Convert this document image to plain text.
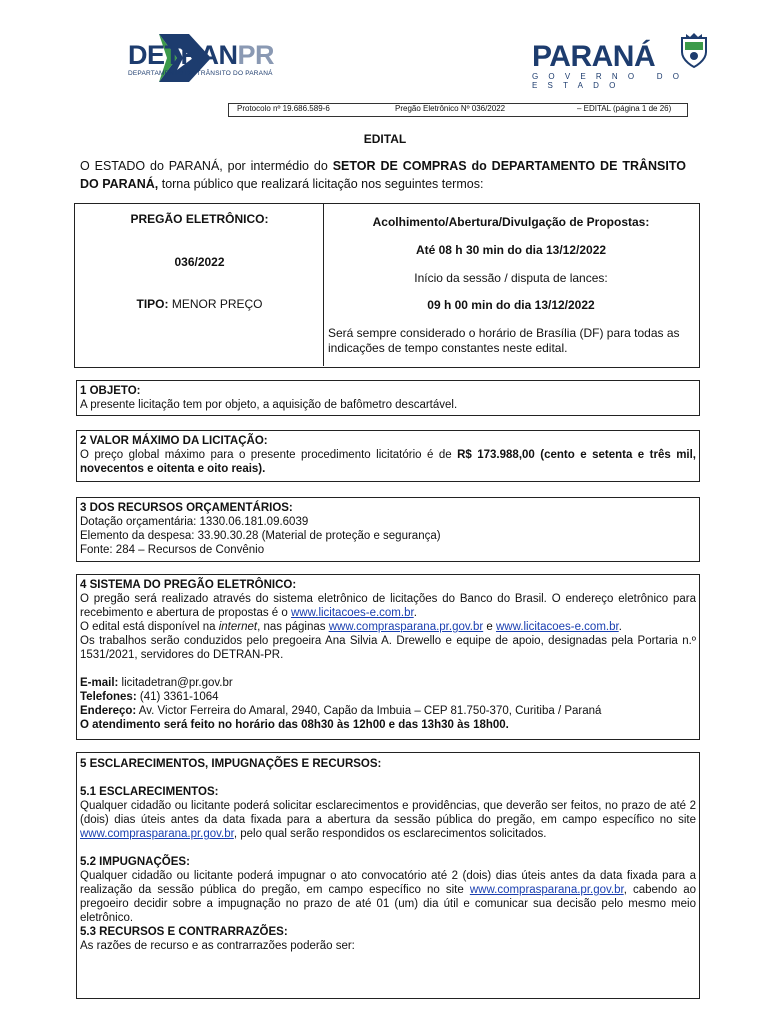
DETRANPR
DEPARTAMENTO DE TRÂNSITO DO PARANÁ
PARANÁ
GOVERNO DO ESTADO
Protocolo nº 19.686.589-6	Pregão Eletrônico Nº 036/2022	– EDITAL (página 1 de 26)
EDITAL
O ESTADO do PARANÁ, por intermédio do SETOR DE COMPRAS do DEPARTAMENTO DE TRÂNSITO DO PARANÁ, torna público que realizará licitação nos seguintes termos:
PREGÃO ELETRÔNICO:
036/2022
TIPO: MENOR PREÇO
Acolhimento/Abertura/Divulgação de Propostas:
Até 08 h 30 min do dia 13/12/2022
Início da sessão / disputa de lances:
09 h 00 min do dia 13/12/2022
Será sempre considerado o horário de Brasília (DF) para todas as indicações de tempo constantes neste edital.

1 OBJETO:

A presente licitação tem por objeto, a aquisição de bafômetro descartável.

2 VALOR MÁXIMO DA LICITAÇÃO:

O preço global máximo para o presente procedimento licitatório é de R$ 173.988,00 (cento e setenta e três mil, novecentos e oitenta e oito reais).

3 DOS RECURSOS ORÇAMENTÁRIOS:

Dotação orçamentária: 1330.06.181.09.6039

Elemento da despesa: 33.90.30.28 (Material de proteção e segurança)

Fonte: 284 – Recursos de Convênio

4 SISTEMA DO PREGÃO ELETRÔNICO:

O pregão será realizado através do sistema eletrônico de licitações do Banco do Brasil. O endereço eletrônico para recebimento e abertura de propostas é o www.licitacoes-e.com.br.

O edital está disponível na internet, nas páginas www.comprasparana.pr.gov.br e www.licitacoes-e.com.br.

Os trabalhos serão conduzidos pelo pregoeira Ana Silvia A. Drewello e equipe de apoio, designadas pela Portaria n.º 1531/2021, servidores do DETRAN-PR.

E-mail: licitadetran@pr.gov.br

Telefones: (41) 3361-1064

Endereço: Av. Victor Ferreira do Amaral, 2940, Capão da Imbuia – CEP 81.750-370, Curitiba / Paraná

O atendimento será feito no horário das 08h30 às 12h00 e das 13h30 às 18h00.

5 ESCLARECIMENTOS, IMPUGNAÇÕES E RECURSOS:

5.1 ESCLARECIMENTOS:

Qualquer cidadão ou licitante poderá solicitar esclarecimentos e providências, que deverão ser feitos, no prazo de até 2 (dois) dias úteis antes da data fixada para a abertura da sessão pública do pregão, em campo específico no site www.comprasparana.pr.gov.br, pelo qual serão respondidos os esclarecimentos solicitados.

5.2 IMPUGNAÇÕES:

Qualquer cidadão ou licitante poderá impugnar o ato convocatório até 2 (dois) dias úteis antes da data fixada para a realização da sessão pública do pregão, em campo específico no site www.comprasparana.pr.gov.br, cabendo ao pregoeiro decidir sobre a impugnação no prazo de até 01 (um) dia útil e comunicar sua decisão pelo mesmo meio eletrônico.

5.3 RECURSOS E CONTRARRAZÕES:

As razões de recurso e as contrarrazões poderão ser:
